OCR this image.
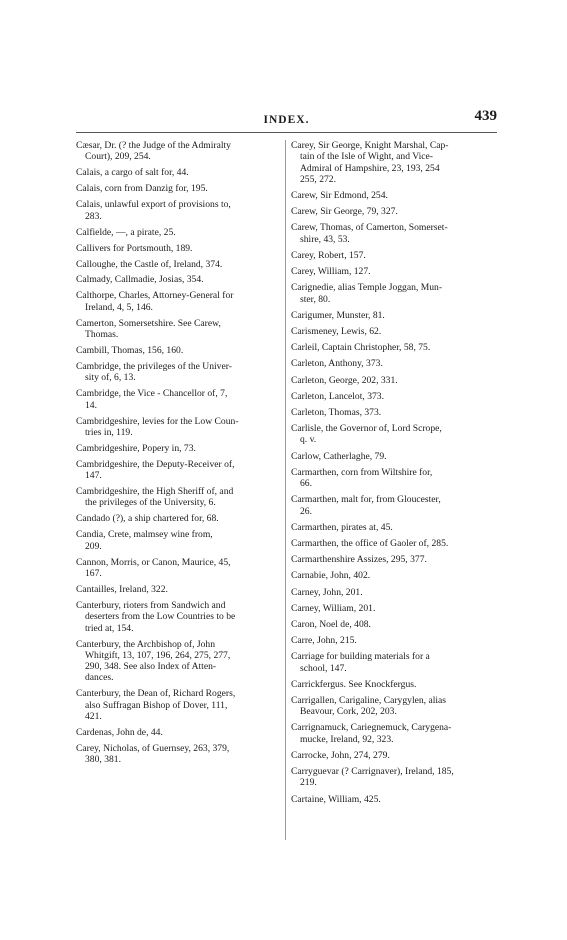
INDEX.	439
Cæsar, Dr. (? the Judge of the Admiralty
Court), 209, 254.
Calais, a cargo of salt for, 44.
Calais, corn from Danzig for, 195.
Calais, unlawful export of provisions to,
283.
Calfielde, —, a pirate, 25.
Callivers for Portsmouth, 189.
Calloughe, the Castle of, Ireland, 374.
Calmady, Callmadie, Josias, 354.
Calthorpe, Charles, Attorney-General for
Ireland, 4, 5, 146.
Camerton, Somersetshire. See Carew,
Thomas.
Cambill, Thomas, 156, 160.
Cambridge, the privileges of the Univer-
sity of, 6, 13.
Cambridge, the Vice - Chancellor of, 7,
14.
Cambridgeshire, levies for the Low Coun-
tries in, 119.
Cambridgeshire, Popery in, 73.
Cambridgeshire, the Deputy-Receiver of,
147.
Cambridgeshire, the High Sheriff of, and
the privileges of the University, 6.
Candado (?), a ship chartered for, 68.
Candia, Crete, malmsey wine from,
209.
Cannon, Morris, or Canon, Maurice, 45,
167.
Cantailles, Ireland, 322.
Canterbury, rioters from Sandwich and
deserters from the Low Countries to be
tried at, 154.
Canterbury, the Archbishop of, John
Whitgift, 13, 107, 196, 264, 275, 277,
290, 348. See also Index of Atten-
dances.
Canterbury, the Dean of, Richard Rogers,
also Suffragan Bishop of Dover, 111,
421.
Cardenas, John de, 44.
Carey, Nicholas, of Guernsey, 263, 379,
380, 381.
Carey, Sir George, Knight Marshal, Cap-
tain of the Isle of Wight, and Vice-
Admiral of Hampshire, 23, 193, 254
255, 272.
Carew, Sir Edmond, 254.
Carew, Sir George, 79, 327.
Carew, Thomas, of Camerton, Somerset-
shire, 43, 53.
Carey, Robert, 157.
Carey, William, 127.
Carignedie, alias Temple Joggan, Mun-
ster, 80.
Carigumer, Munster, 81.
Carismeney, Lewis, 62.
Carleil, Captain Christopher, 58, 75.
Carleton, Anthony, 373.
Carleton, George, 202, 331.
Carleton, Lancelot, 373.
Carleton, Thomas, 373.
Carlisle, the Governor of, Lord Scrope,
q. v.
Carlow, Catherlaghe, 79.
Carmarthen, corn from Wiltshire for,
66.
Carmarthen, malt for, from Gloucester,
26.
Carmarthen, pirates at, 45.
Carmarthen, the office of Gaoler of, 285.
Carmarthenshire Assizes, 295, 377.
Carnabie, John, 402.
Carney, John, 201.
Carney, William, 201.
Caron, Noel de, 408.
Carre, John, 215.
Carriage for building materials for a
school, 147.
Carrickfergus. See Knockfergus.
Carrigallen, Carigaline, Carygylen, alias
Beavour, Cork, 202, 203.
Carrignamuck, Cariegnemuck, Carygena-
mucke, Ireland, 92, 323.
Carrocke, John, 274, 279.
Carryguevar (? Carrignaver), Ireland, 185,
219.
Cartaine, William, 425.
